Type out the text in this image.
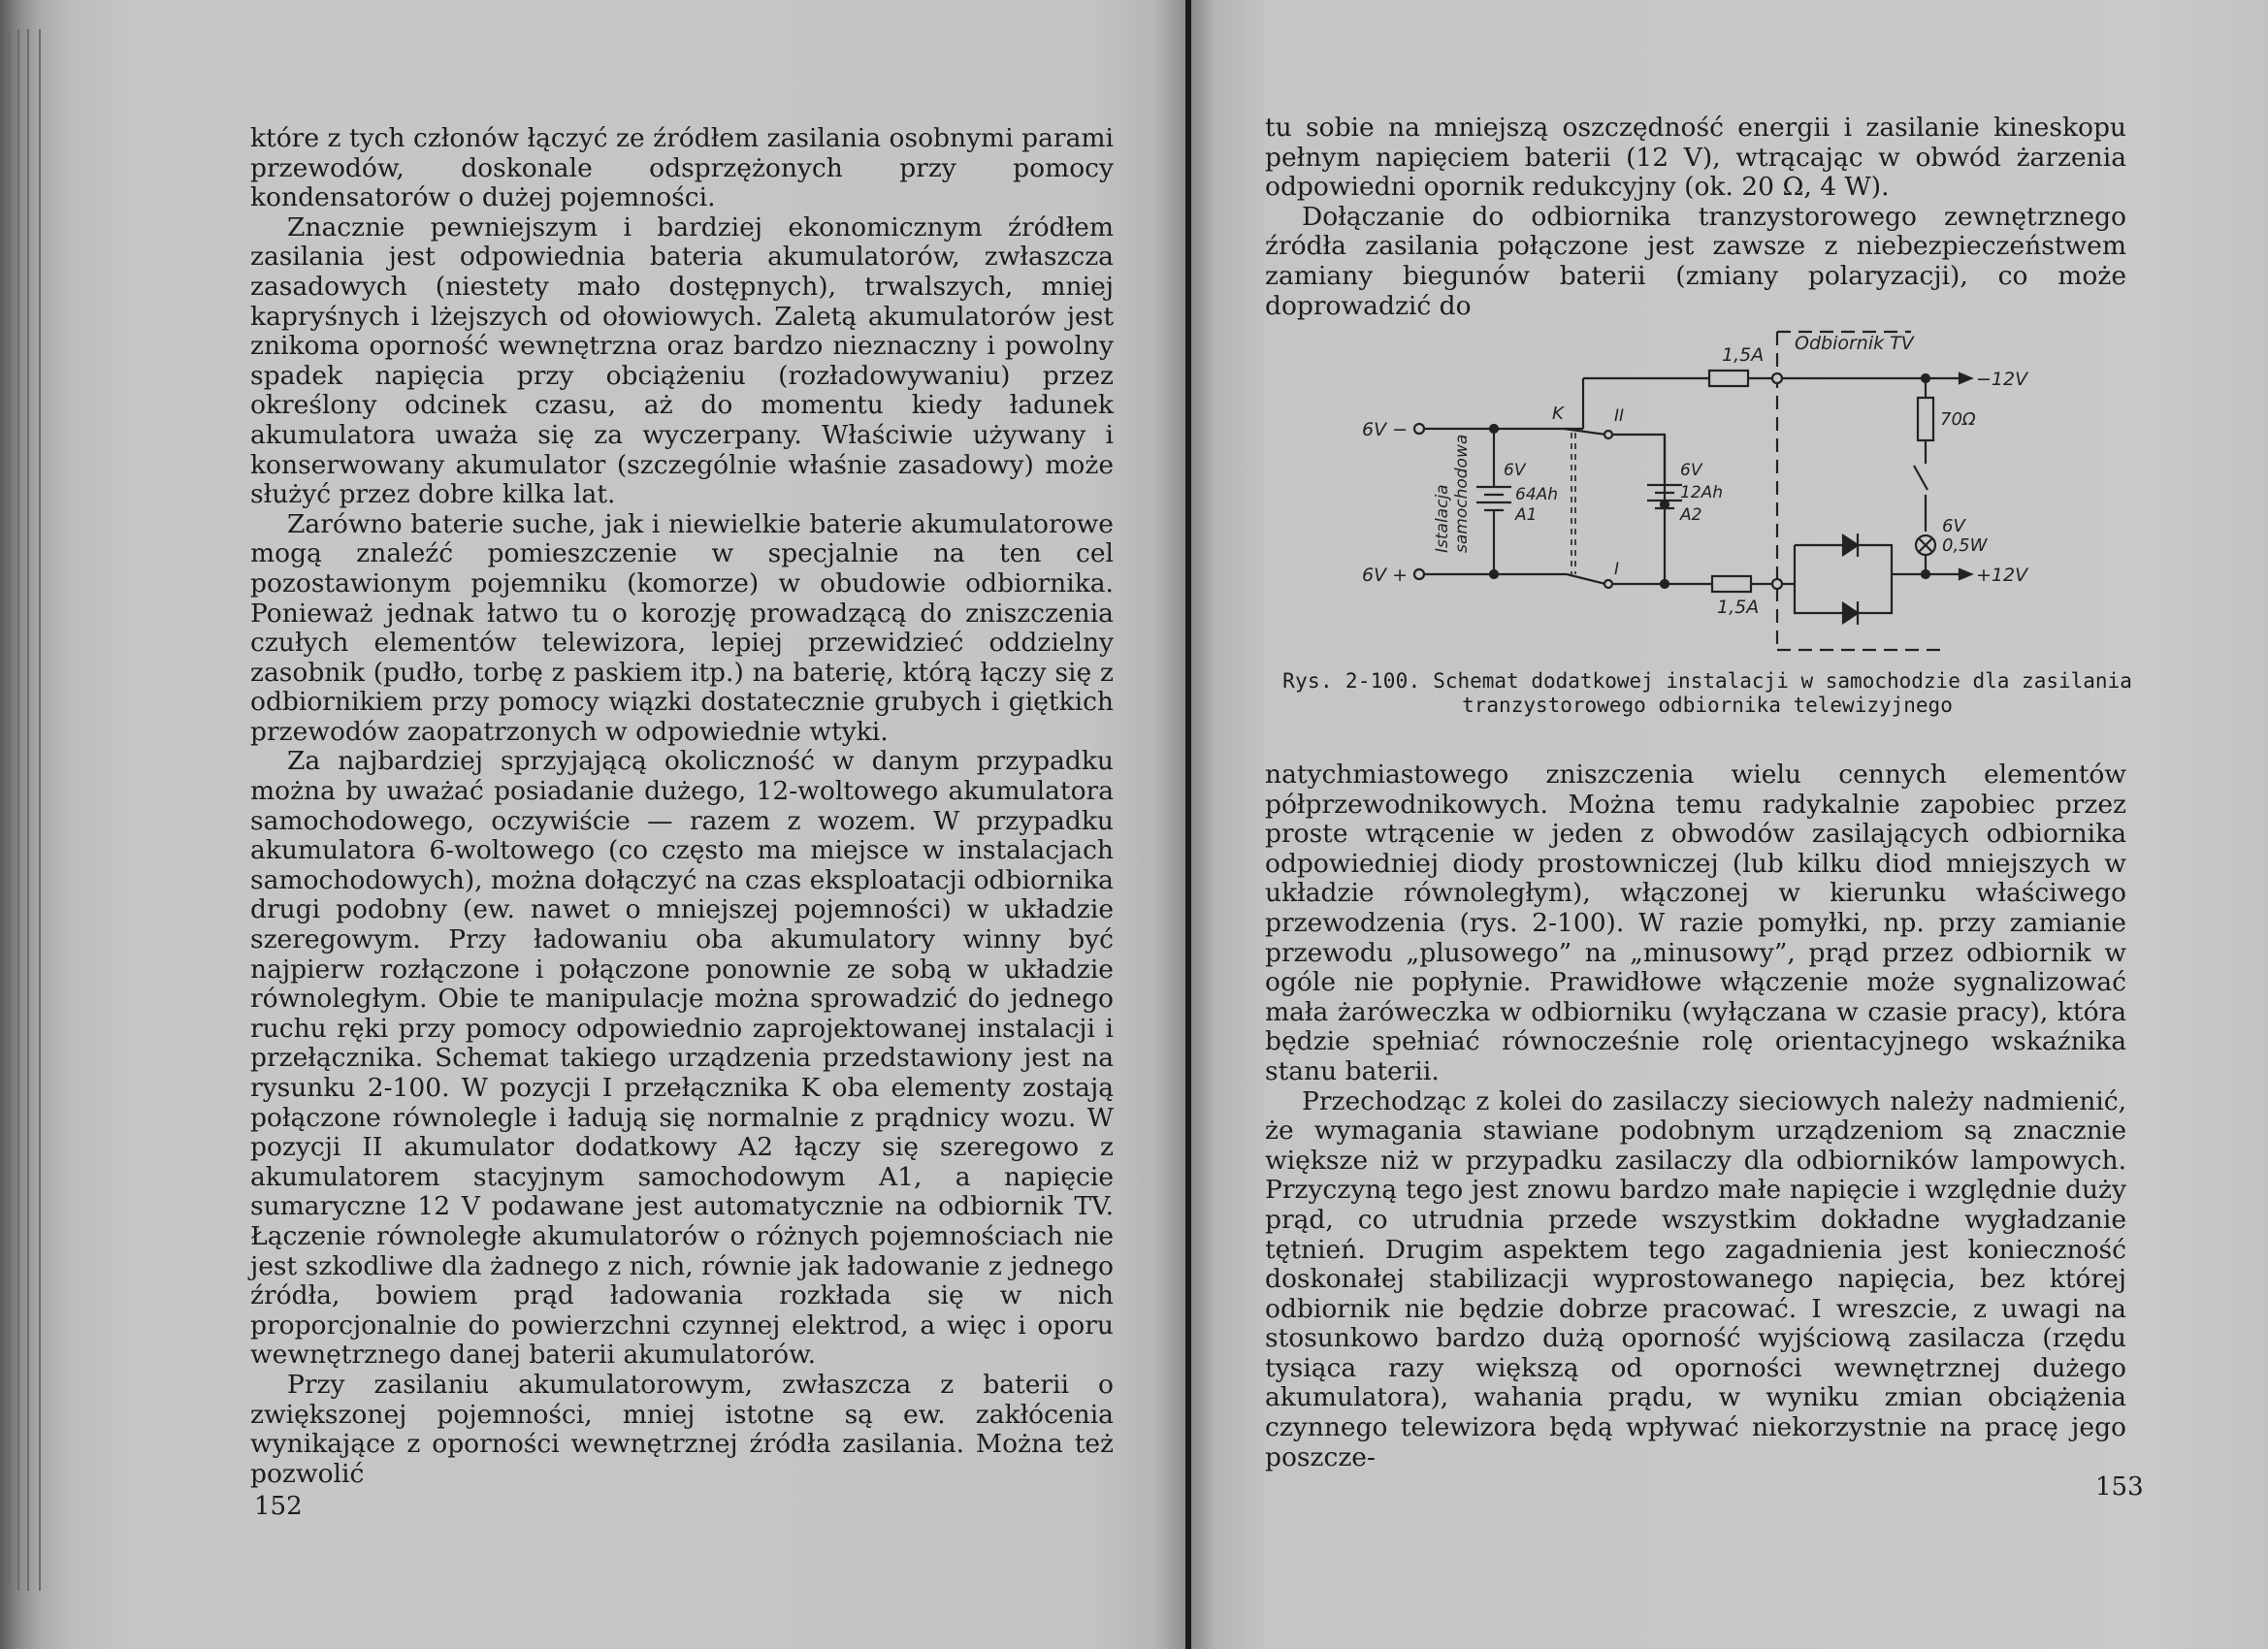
które z tych członów łączyć ze źródłem zasilania osobnymi parami przewodów, doskonale odsprzężonych przy pomocy kondensatorów o dużej pojemności.

Znacznie pewniejszym i bardziej ekonomicznym źródłem zasilania jest odpowiednia bateria akumulatorów, zwłaszcza zasadowych (niestety mało dostępnych), trwalszych, mniej kapryśnych i lżejszych od ołowiowych. Zaletą akumulatorów jest znikoma oporność wewnętrzna oraz bardzo nieznaczny i powolny spadek napięcia przy obciążeniu (rozładowywaniu) przez określony odcinek czasu, aż do momentu kiedy ładunek akumulatora uważa się za wyczerpany. Właściwie używany i konserwowany akumulator (szczególnie właśnie zasadowy) może służyć przez dobre kilka lat.

Zarówno baterie suche, jak i niewielkie baterie akumulatorowe mogą znaleźć pomieszczenie w specjalnie na ten cel pozostawionym pojemniku (komorze) w obudowie odbiornika. Ponieważ jednak łatwo tu o korozję prowadzącą do zniszczenia czułych elementów telewizora, lepiej przewidzieć oddzielny zasobnik (pudło, torbę z paskiem itp.) na baterię, którą łączy się z odbiornikiem przy pomocy wiązki dostatecznie grubych i giętkich przewodów zaopatrzonych w odpowiednie wtyki.

Za najbardziej sprzyjającą okoliczność w danym przypadku można by uważać posiadanie dużego, 12-woltowego akumulatora samochodowego, oczywiście — razem z wozem. W przypadku akumulatora 6-woltowego (co często ma miejsce w instalacjach samochodowych), można dołączyć na czas eksploatacji odbiornika drugi podobny (ew. nawet o mniejszej pojemności) w układzie szeregowym. Przy ładowaniu oba akumulatory winny być najpierw rozłączone i połączone ponownie ze sobą w układzie równoległym. Obie te manipulacje można sprowadzić do jednego ruchu ręki przy pomocy odpowiednio zaprojektowanej instalacji i przełącznika. Schemat takiego urządzenia przedstawiony jest na rysunku 2-100. W pozycji I przełącznika K oba elementy zostają połączone równolegle i ładują się normalnie z prądnicy wozu. W pozycji II akumulator dodatkowy A2 łączy się szeregowo z akumulatorem stacyjnym samochodowym A1, a napięcie sumaryczne 12 V podawane jest automatycznie na odbiornik TV. Łączenie równoległe akumulatorów o różnych pojemnościach nie jest szkodliwe dla żadnego z nich, równie jak ładowanie z jednego źródła, bowiem prąd ładowania rozkłada się w nich proporcjonalnie do powierzchni czynnej elektrod, a więc i oporu wewnętrznego danej baterii akumulatorów.

Przy zasilaniu akumulatorowym, zwłaszcza z baterii o zwiększonej pojemności, mniej istotne są ew. zakłócenia wynikające z oporności wewnętrznej źródła zasilania. Można też pozwolić

152

tu sobie na mniejszą oszczędność energii i zasilanie kineskopu pełnym napięciem baterii (12 V), wtrącając w obwód żarzenia odpowiedni opornik redukcyjny (ok. 20 Ω, 4 W).

Dołączanie do odbiornika tranzystorowego zewnętrznego źródła zasilania połączone jest zawsze z niebezpieczeństwem zamiany biegunów baterii (zmiany polaryzacji), co może doprowadzić do

1,5A
Odbiornik TV
−12V
+12V
70Ω
6V
0,5W
6V −
6V +
Istalacja samochodowa 6V
64Ah
A1
6V
12Ah
A2
K
I
II
1,5A
Rys. 2-100. Schemat dodatkowej instalacji w samochodzie dla zasilania tranzystorowego odbiornika telewizyjnego

natychmiastowego zniszczenia wielu cennych elementów półprzewodnikowych. Można temu radykalnie zapobiec przez proste wtrącenie w jeden z obwodów zasilających odbiornika odpowiedniej diody prostowniczej (lub kilku diod mniejszych w układzie równoległym), włączonej w kierunku właściwego przewodzenia (rys. 2-100). W razie pomyłki, np. przy zamianie przewodu „plusowego” na „minusowy”, prąd przez odbiornik w ogóle nie popłynie. Prawidłowe włączenie może sygnalizować mała żaróweczka w odbiorniku (wyłączana w czasie pracy), która będzie spełniać równocześnie rolę orientacyjnego wskaźnika stanu baterii.

Przechodząc z kolei do zasilaczy sieciowych należy nadmienić, że wymagania stawiane podobnym urządzeniom są znacznie większe niż w przypadku zasilaczy dla odbiorników lampowych. Przyczyną tego jest znowu bardzo małe napięcie i względnie duży prąd, co utrudnia przede wszystkim dokładne wygładzanie tętnień. Drugim aspektem tego zagadnienia jest konieczność doskonałej stabilizacji wyprostowanego napięcia, bez której odbiornik nie będzie dobrze pracować. I wreszcie, z uwagi na stosunkowo bardzo dużą oporność wyjściową zasilacza (rzędu tysiąca razy większą od oporności wewnętrznej dużego akumulatora), wahania prądu, w wyniku zmian obciążenia czynnego telewizora będą wpływać niekorzystnie na pracę jego poszcze-

153
